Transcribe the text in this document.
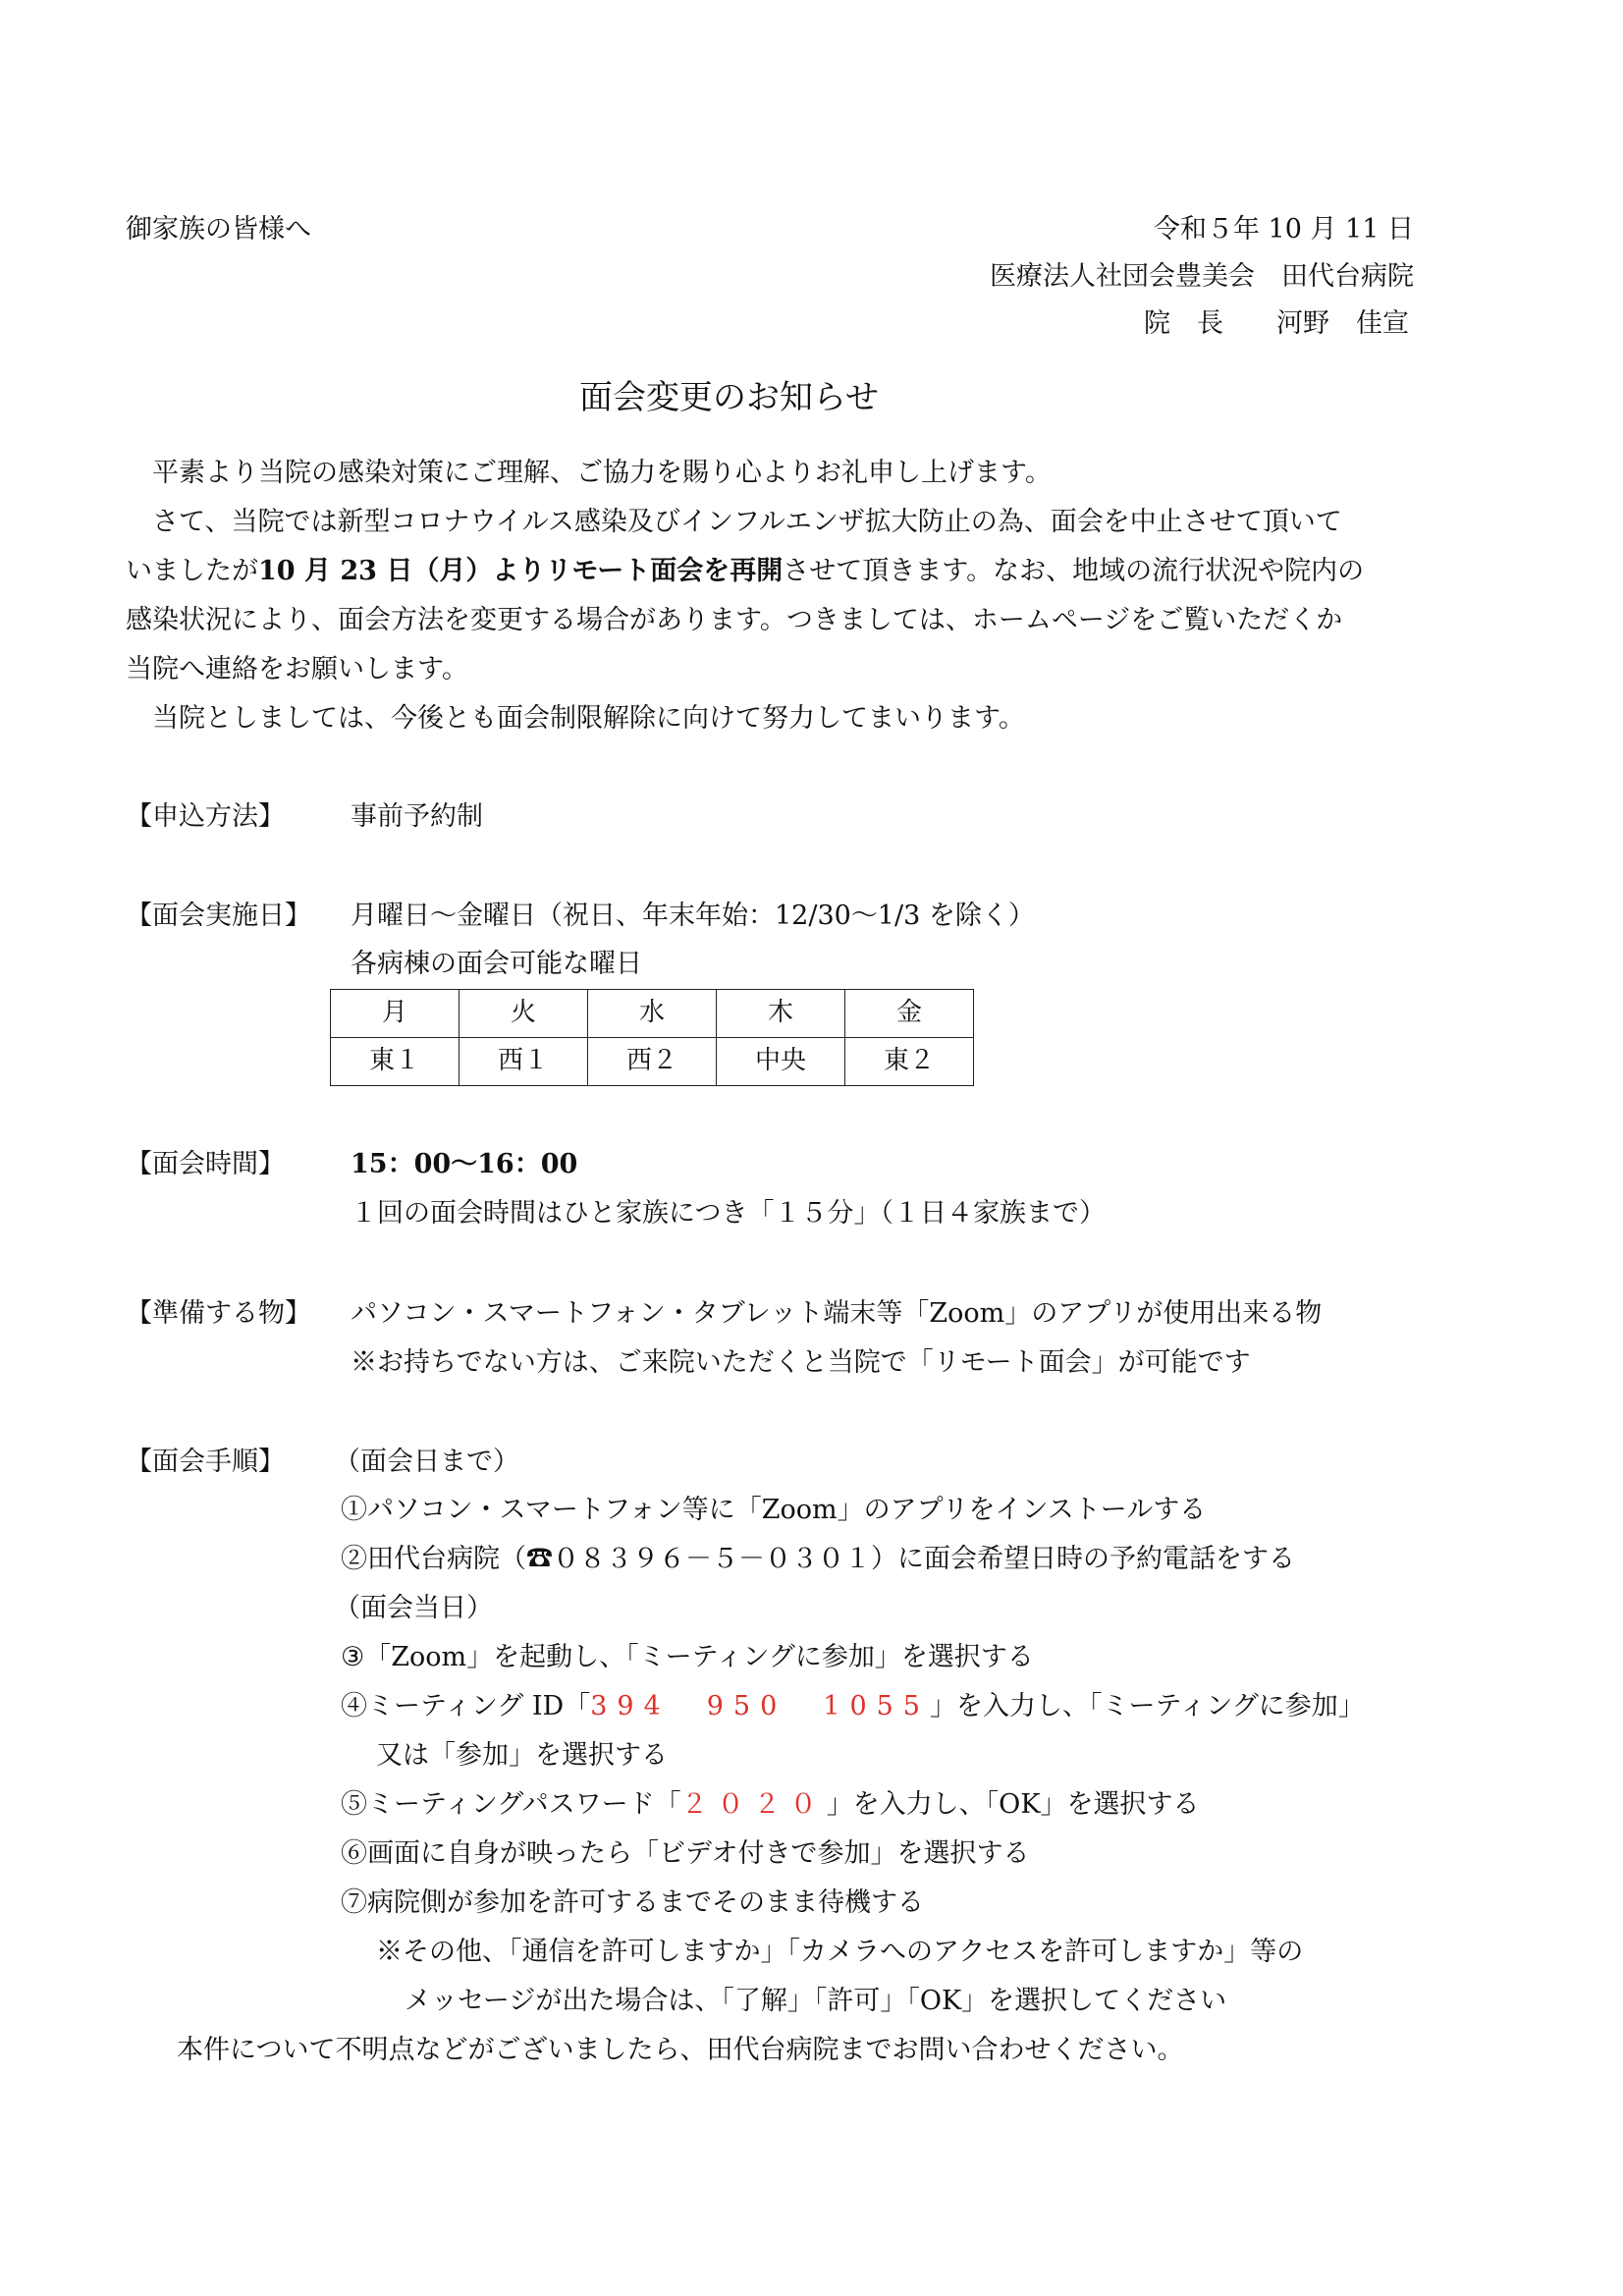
御家族の皆様へ	令和５年 10 月 11 日
医療法人社団会豊美会　田代台病院
院　長　　河野　佳宣
面会変更のお知らせ
平素より当院の感染対策にご理解、ご協力を賜り心よりお礼申し上げます。
さて、当院では新型コロナウイルス感染及びインフルエンザ拡大防止の為、面会を中止させて頂いて
いましたが10 月 23 日（月）よりリモート面会を再開させて頂きます。なお、地域の流行状況や院内の
感染状況により、面会方法を変更する場合があります。つきましては、ホームページをご覧いただくか
当院へ連絡をお願いします。
当院としましては、今後とも面会制限解除に向けて努力してまいります。
【申込方法】 事前予約制
【面会実施日】 月曜日～金曜日（祝日、年末年始：12/30～1/3 を除く）
各病棟の面会可能な曜日
月	火	水	木	金
東１	西１	西２	中央	東２
【面会時間】 15：00～16：00
１回の面会時間はひと家族につき「１５分」（１日４家族まで）
【準備する物】 パソコン・スマートフォン・タブレット端末等「Zoom」のアプリが使用出来る物
※お持ちでない方は、ご来院いただくと当院で「リモート面会」が可能です
【面会手順】 （面会日まで）
①パソコン・スマートフォン等に「Zoom」のアプリをインストールする
②田代台病院（☎０８３９６－５－０３０１）に面会希望日時の予約電話をする
（面会当日）
③「Zoom」を起動し、「ミーティングに参加」を選択する
④ミーティング ID「394　950　1055」を入力し、「ミーティングに参加」
又は「参加」を選択する
⑤ミーティングパスワード「２０２０」を入力し、「OK」を選択する
⑥画面に自身が映ったら「ビデオ付きで参加」を選択する
⑦病院側が参加を許可するまでそのまま待機する
※その他、「通信を許可しますか」「カメラへのアクセスを許可しますか」等の
メッセージが出た場合は、「了解」「許可」「OK」を選択してください
本件について不明点などがございましたら、田代台病院までお問い合わせください。
